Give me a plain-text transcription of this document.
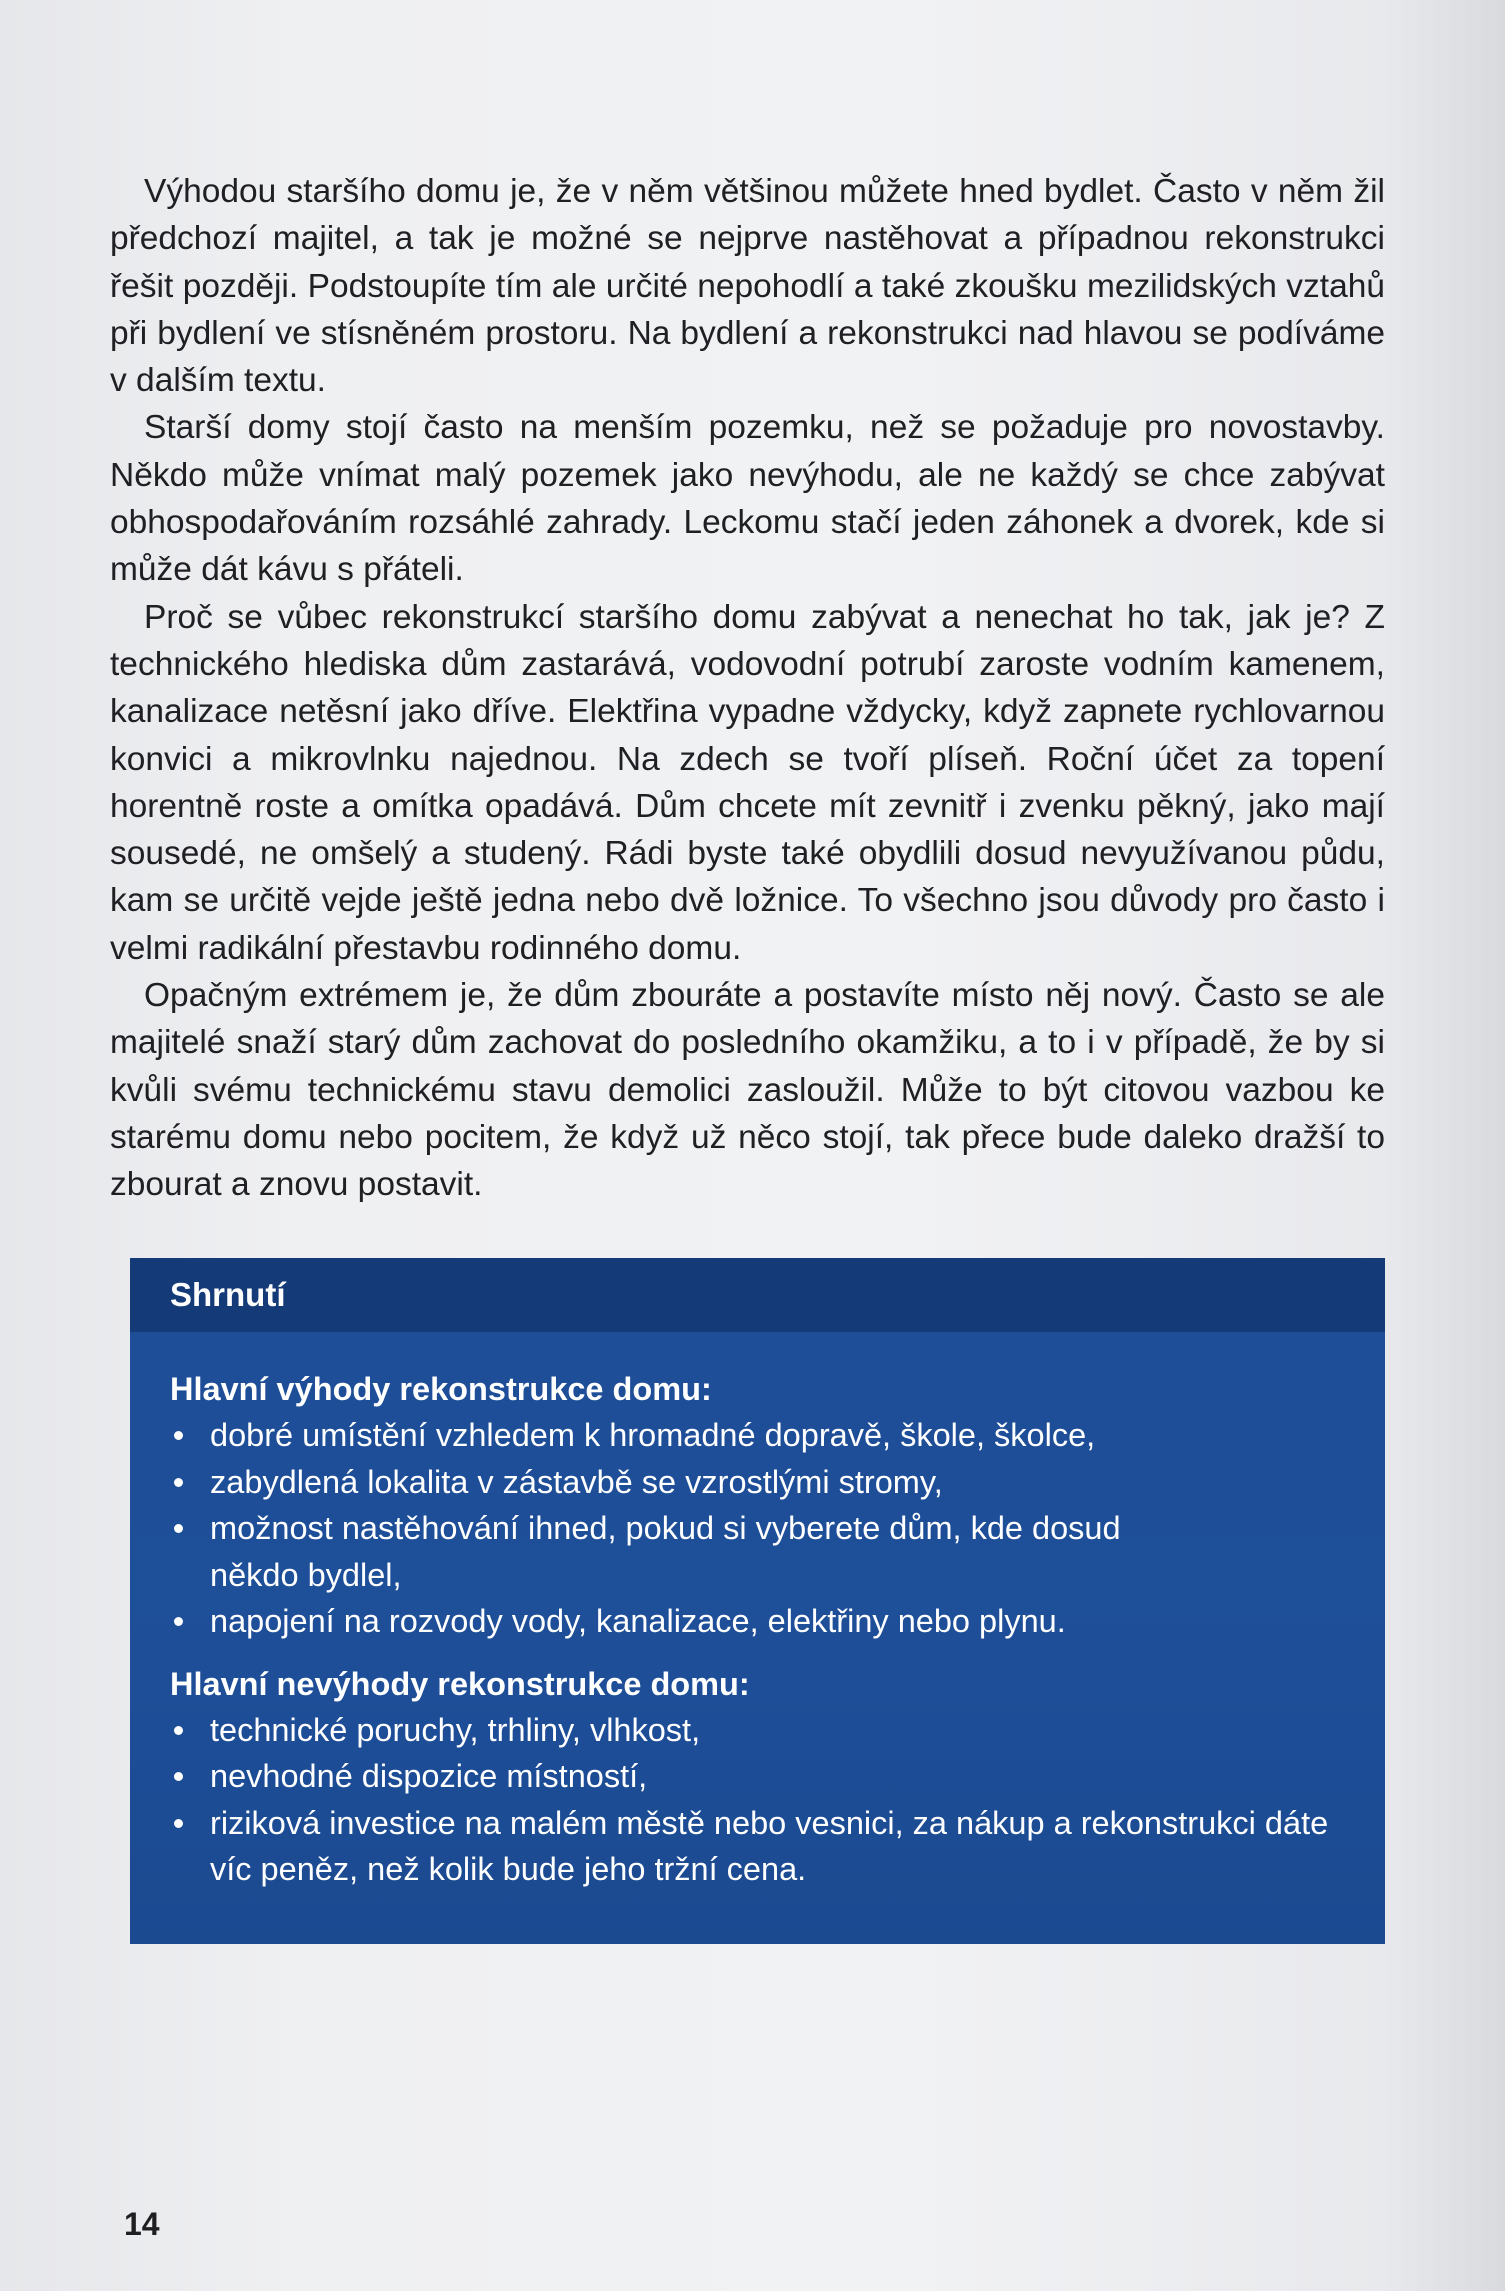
Výhodou staršího domu je, že v něm většinou můžete hned bydlet. Často v něm žil předchozí majitel, a tak je možné se nejprve nastěhovat a případnou rekonstrukci řešit později. Podstoupíte tím ale určité nepohodlí a také zkoušku mezilidských vztahů při bydlení ve stísněném prostoru. Na bydlení a rekonstrukci nad hlavou se podíváme v dalším textu.

Starší domy stojí často na menším pozemku, než se požaduje pro novostavby. Někdo může vnímat malý pozemek jako nevýhodu, ale ne každý se chce zabývat obhospodařováním rozsáhlé zahrady. Leckomu stačí jeden záhonek a dvorek, kde si může dát kávu s přáteli.

Proč se vůbec rekonstrukcí staršího domu zabývat a nenechat ho tak, jak je? Z technického hlediska dům zastarává, vodovodní potrubí zaroste vodním kamenem, kanalizace netěsní jako dříve. Elektřina vypadne vždycky, když zapnete rychlovarnou konvici a mikrovlnku najednou. Na zdech se tvoří plíseň. Roční účet za topení horentně roste a omítka opadává. Dům chcete mít zevnitř i zvenku pěkný, jako mají sousedé, ne omšelý a studený. Rádi byste také obydlili dosud nevyužívanou půdu, kam se určitě vejde ještě jedna nebo dvě ložnice. To všechno jsou důvody pro často i velmi radikální přestavbu rodinného domu.

Opačným extrémem je, že dům zbouráte a postavíte místo něj nový. Často se ale majitelé snaží starý dům zachovat do posledního okamžiku, a to i v případě, že by si kvůli svému technickému stavu demolici zasloužil. Může to být citovou vazbou ke starému domu nebo pocitem, že když už něco stojí, tak přece bude daleko dražší to zbourat a znovu postavit.

Shrnutí

Hlavní výhody rekonstrukce domu:

dobré umístění vzhledem k hromadné dopravě, škole, školce,
zabydlená lokalita v zástavbě se vzrostlými stromy,
možnost nastěhování ihned, pokud si vyberete dům, kde dosud někdo bydlel,
napojení na rozvody vody, kanalizace, elektřiny nebo plynu.

Hlavní nevýhody rekonstrukce domu:

technické poruchy, trhliny, vlhkost,
nevhodné dispozice místností,
riziková investice na malém městě nebo vesnici, za nákup a rekonstrukci dáte víc peněz, než kolik bude jeho tržní cena.
14
